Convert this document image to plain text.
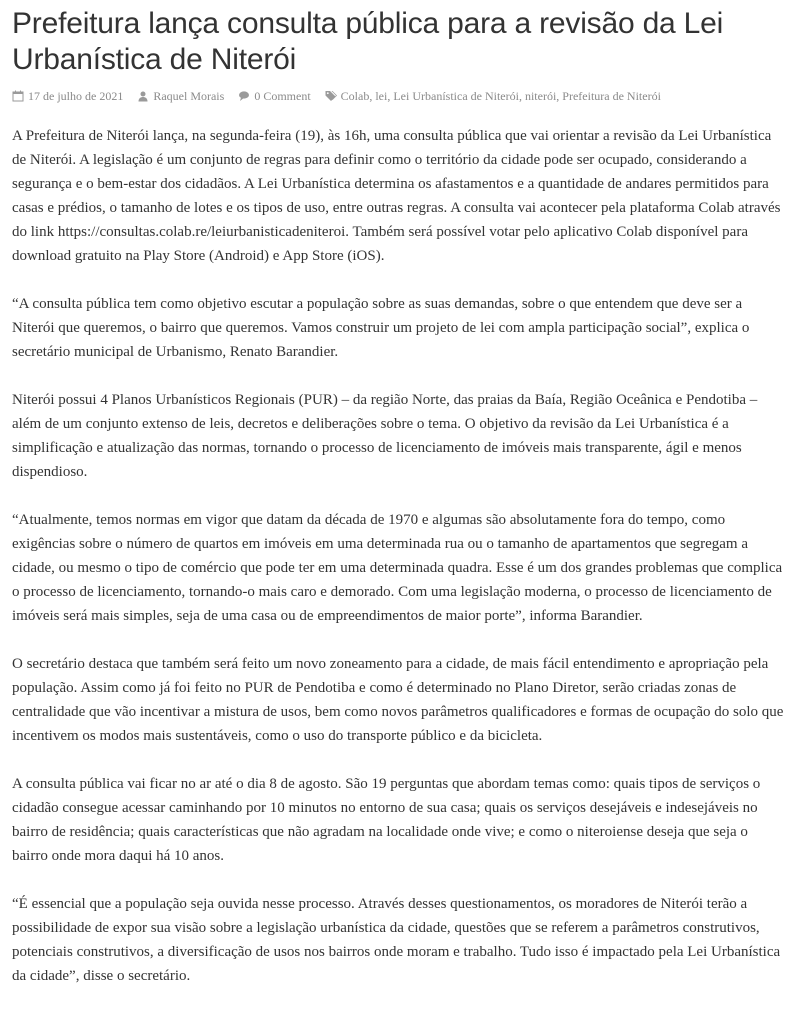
Prefeitura lança consulta pública para a revisão da Lei Urbanística de Niterói
17 de julho de 2021	Raquel Morais	0 Comment	Colab , lei , Lei Urbanística de Niterói , niterói , Prefeitura de Niterói

A Prefeitura de Niterói lança, na segunda-feira (19), às 16h, uma consulta pública que vai orientar a revisão da Lei Urbanística de Niterói. A legislação é um conjunto de regras para definir como o território da cidade pode ser ocupado, considerando a segurança e o bem-estar dos cidadãos. A Lei Urbanística determina os afastamentos e a quantidade de andares permitidos para casas e prédios, o tamanho de lotes e os tipos de uso, entre outras regras. A consulta vai acontecer pela plataforma Colab através do link https://consultas.colab.re/leiurbanisticadeniteroi. Também será possível votar pelo aplicativo Colab disponível para download gratuito na Play Store (Android) e App Store (iOS).

“A consulta pública tem como objetivo escutar a população sobre as suas demandas, sobre o que entendem que deve ser a Niterói que queremos, o bairro que queremos. Vamos construir um projeto de lei com ampla participação social”, explica o secretário municipal de Urbanismo, Renato Barandier.

Niterói possui 4 Planos Urbanísticos Regionais (PUR) – da região Norte, das praias da Baía, Região Oceânica e Pendotiba – além de um conjunto extenso de leis, decretos e deliberações sobre o tema. O objetivo da revisão da Lei Urbanística é a simplificação e atualização das normas, tornando o processo de licenciamento de imóveis mais transparente, ágil e menos dispendioso.

“Atualmente, temos normas em vigor que datam da década de 1970 e algumas são absolutamente fora do tempo, como exigências sobre o número de quartos em imóveis em uma determinada rua ou o tamanho de apartamentos que segregam a cidade, ou mesmo o tipo de comércio que pode ter em uma determinada quadra. Esse é um dos grandes problemas que complica o processo de licenciamento, tornando-o mais caro e demorado. Com uma legislação moderna, o processo de licenciamento de imóveis será mais simples, seja de uma casa ou de empreendimentos de maior porte”, informa Barandier.

O secretário destaca que também será feito um novo zoneamento para a cidade, de mais fácil entendimento e apropriação pela população. Assim como já foi feito no PUR de Pendotiba e como é determinado no Plano Diretor, serão criadas zonas de centralidade que vão incentivar a mistura de usos, bem como novos parâmetros qualificadores e formas de ocupação do solo que incentivem os modos mais sustentáveis, como o uso do transporte público e da bicicleta.

A consulta pública vai ficar no ar até o dia 8 de agosto. São 19 perguntas que abordam temas como: quais tipos de serviços o cidadão consegue acessar caminhando por 10 minutos no entorno de sua casa; quais os serviços desejáveis e indesejáveis no bairro de residência; quais características que não agradam na localidade onde vive; e como o niteroiense deseja que seja o bairro onde mora daqui há 10 anos.

“É essencial que a população seja ouvida nesse processo. Através desses questionamentos, os moradores de Niterói terão a possibilidade de expor sua visão sobre a legislação urbanística da cidade, questões que se referem a parâmetros construtivos, potenciais construtivos, a diversificação de usos nos bairros onde moram e trabalho. Tudo isso é impactado pela Lei Urbanística da cidade”, disse o secretário.
